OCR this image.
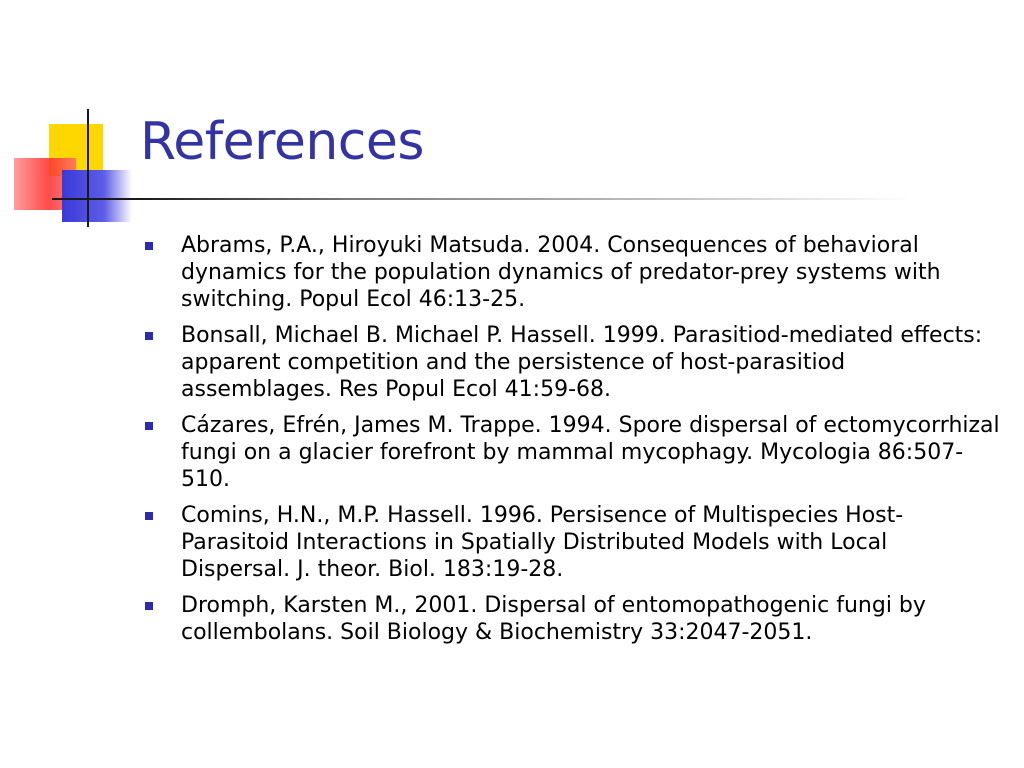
References
Abrams, P.A., Hiroyuki Matsuda. 2004. Consequences of behavioral dynamics for the population dynamics of predator-prey systems with switching. Popul Ecol 46:13-25.
Bonsall, Michael B. Michael P. Hassell. 1999. Parasitiod-mediated effects: apparent competition and the persistence of host-parasitiod assemblages. Res Popul Ecol 41:59-68.
Cázares, Efrén, James M. Trappe. 1994. Spore dispersal of ectomycorrhizal fungi on a glacier forefront by mammal mycophagy. Mycologia 86:507-510.
Comins, H.N., M.P. Hassell. 1996. Persisence of Multispecies Host-Parasitoid Interactions in Spatially Distributed Models with Local Dispersal. J. theor. Biol. 183:19-28.
Dromph, Karsten M., 2001. Dispersal of entomopathogenic fungi by collembolans. Soil Biology & Biochemistry 33:2047-2051.
